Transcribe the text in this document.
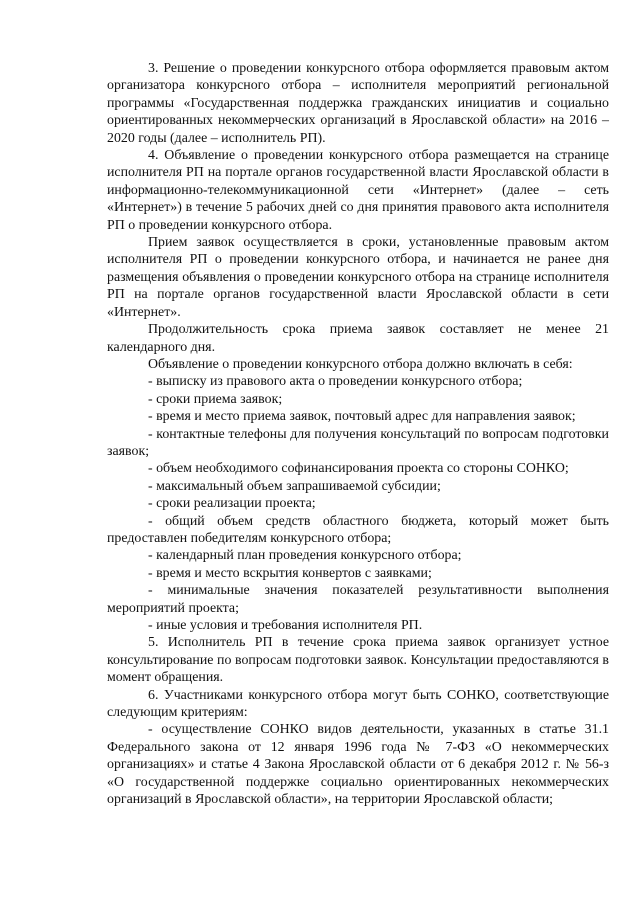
3. Решение о проведении конкурсного отбора оформляется правовым актом организатора конкурсного отбора – исполнителя мероприятий региональной программы «Государственная поддержка гражданских инициатив и социально ориентированных некоммерческих организаций в Ярославской области» на 2016 – 2020 годы (далее – исполнитель РП).

4. Объявление о проведении конкурсного отбора размещается на странице исполнителя РП на портале органов государственной власти Ярославской области в информационно-телекоммуникационной сети «Интернет» (далее – сеть «Интернет») в течение 5 рабочих дней со дня принятия правового акта исполнителя РП о проведении конкурсного отбора.

Прием заявок осуществляется в сроки, установленные правовым актом исполнителя РП о проведении конкурсного отбора, и начинается не ранее дня размещения объявления о проведении конкурсного отбора на странице исполнителя РП на портале органов государственной власти Ярославской области в сети «Интернет».

Продолжительность срока приема заявок составляет не менее 21 календарного дня.

Объявление о проведении конкурсного отбора должно включать в себя:

- выписку из правового акта о проведении конкурсного отбора;

- сроки приема заявок;

- время и место приема заявок, почтовый адрес для направления заявок;

- контактные телефоны для получения консультаций по вопросам подготовки заявок;

- объем необходимого софинансирования проекта со стороны СОНКО;

- максимальный объем запрашиваемой субсидии;

- сроки реализации проекта;

- общий объем средств областного бюджета, который может быть предоставлен победителям конкурсного отбора;

- календарный план проведения конкурсного отбора;

- время и место вскрытия конвертов с заявками;

- минимальные значения показателей результативности выполнения мероприятий проекта;

- иные условия и требования исполнителя РП.

5. Исполнитель РП в течение срока приема заявок организует устное консультирование по вопросам подготовки заявок. Консультации предоставляются в момент обращения.

6. Участниками конкурсного отбора могут быть СОНКО, соответствующие следующим критериям:

- осуществление СОНКО видов деятельности, указанных в статье 31.1 Федерального закона от 12 января 1996 года № 7-ФЗ «О некоммерческих организациях» и статье 4 Закона Ярославской области от 6 декабря 2012 г. № 56-з «О государственной поддержке социально ориентированных некоммерческих организаций в Ярославской области», на территории Ярославской области;
